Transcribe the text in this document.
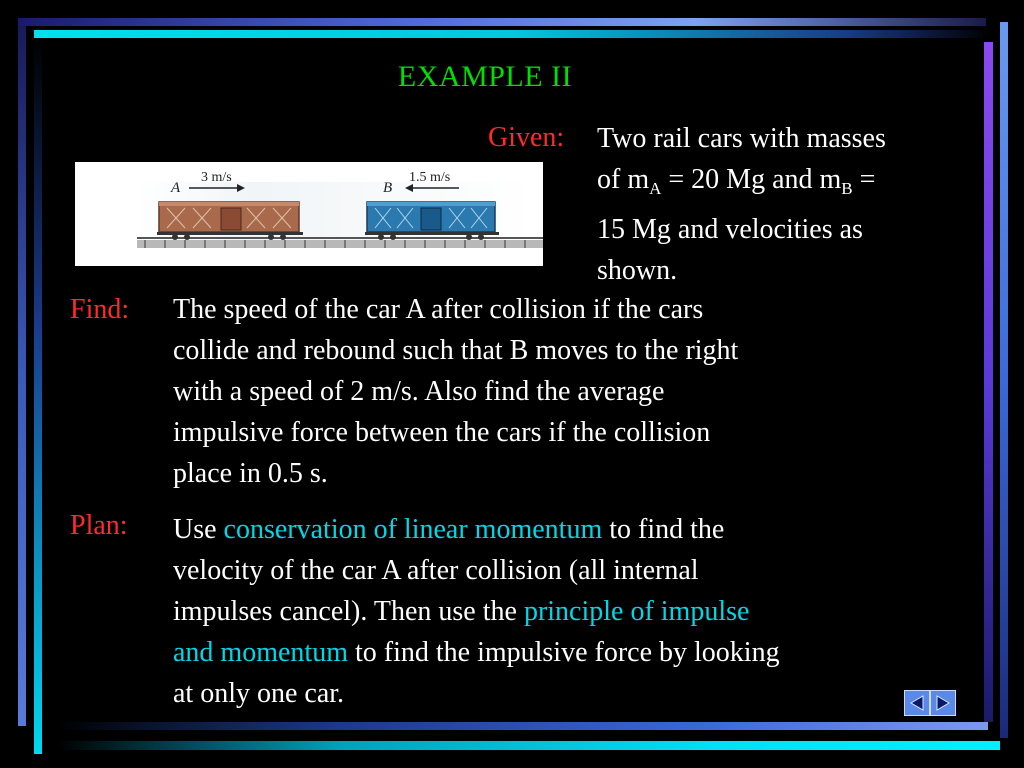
EXAMPLE II
Given: Two rail cars with masses
of $m_A = 20$ Mg and $m_B$ =
15 Mg and velocities as
shown.
A
3 m/s
B
1.5 m/s
Find: The speed of the car A after collision if the cars
collide and rebound such that B moves to the right
with a speed of 2 m/s. Also find the average
impulsive force between the cars if the collision
place in 0.5 s.
Plan: Use conservation of linear momentum to find the
velocity of the car A after collision (all internal
impulses cancel). Then use the principle of impulse
and momentum to find the impulsive force by looking
at only one car.
